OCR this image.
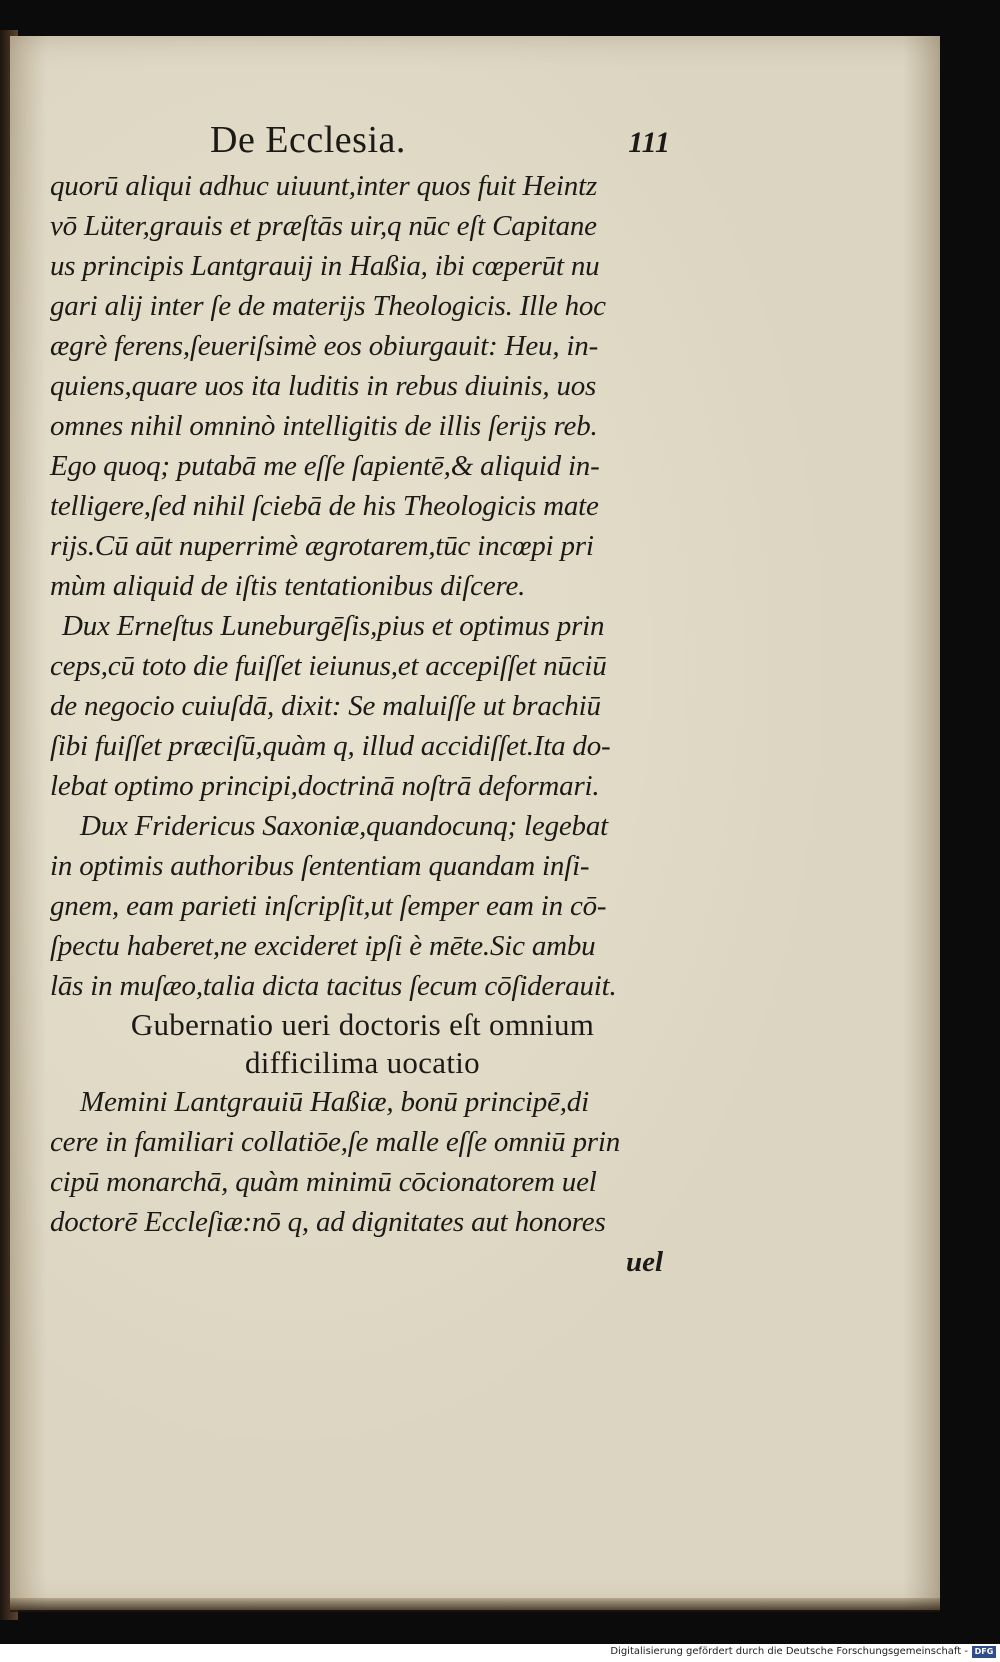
De Ecclesia.	111
quorū aliqui adhuc uiuunt,inter quos fuit Heintz
vō Lüter,grauis et præſtās uir,q nūc eſt Capitane
us principis Lantgrauij in Haßia, ibi cœperūt nu
gari alij inter ſe de materijs Theologicis. Ille hoc
ægrè ferens,ſeueriſsimè eos obiurgauit: Heu, in-
quiens,quare uos ita luditis in rebus diuinis, uos
omnes nihil omninò intelligitis de illis ſerijs reb.
Ego quoq; putabā me eſſe ſapientē,& aliquid in-
telligere,ſed nihil ſciebā de his Theologicis mate
rijs.Cū aūt nuperrimè ægrotarem,tūc incœpi pri
mùm aliquid de iſtis tentationibus diſcere.
Dux Erneſtus Luneburgēſis,pius et optimus prin
ceps,cū toto die fuiſſet ieiunus,et accepiſſet nūciū
de negocio cuiuſdā, dixit: Se maluiſſe ut brachiū
ſibi fuiſſet præciſū,quàm q, illud accidiſſet.Ita do-
lebat optimo principi,doctrinā noſtrā deformari.
Dux Fridericus Saxoniæ,quandocunq; legebat
in optimis authoribus ſententiam quandam inſi-
gnem, eam parieti inſcripſit,ut ſemper eam in cō-
ſpectu haberet,ne excideret ipſi è mēte.Sic ambu
lās in muſæo,talia dicta tacitus ſecum cōſiderauit.
Gubernatio ueri doctoris eſt omnium
difficilima uocatio
Memini Lantgrauiū Haßiæ, bonū principē,di
cere in familiari collatiōe,ſe malle eſſe omniū prin
cipū monarchā, quàm minimū cōcionatorem uel
doctorē Eccleſiæ:nō q, ad dignitates aut honores
uel
Digitalisierung gefördert durch die Deutsche Forschungsgemeinschaft - DFG
